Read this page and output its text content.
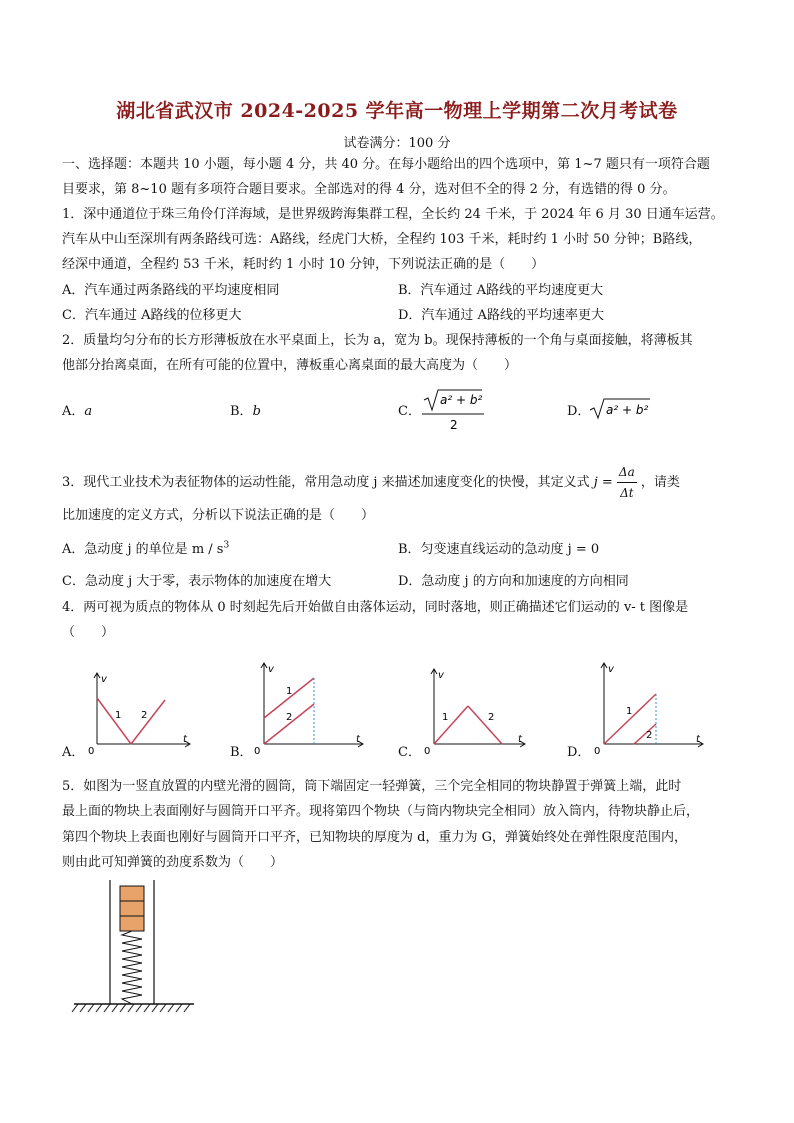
湖北省武汉市 2024-2025 学年高一物理上学期第二次月考试卷
试卷满分：100 分
一、选择题：本题共 10 小题，每小题 4 分，共 40 分。在每小题给出的四个选项中，第 1~7 题只有一项符合题
目要求，第 8~10 题有多项符合题目要求。全部选对的得 4 分，选对但不全的得 2 分，有选错的得 0 分。
1．深中通道位于珠三角伶仃洋海域，是世界级跨海集群工程，全长约 24 千米，于 2024 年 6 月 30 日通车运营。
汽车从中山至深圳有两条路线可选：A路线，经虎门大桥，全程约 103 千米，耗时约 1 小时 50 分钟；B路线，
经深中通道，全程约 53 千米，耗时约 1 小时 10 分钟，下列说法正确的是（　　）
A．汽车通过两条路线的平均速度相同	B．汽车通过 A路线的平均速度更大
C．汽车通过 A路线的位移更大	D．汽车通过 A路线的平均速率更大
2．质量均匀分布的长方形薄板放在水平桌面上，长为 a，宽为 b。现保持薄板的一个角与桌面接触，将薄板其
他部分抬离桌面，在所有可能的位置中，薄板重心离桌面的最大高度为（　　）
A．a	B．b	C．
a² + b²
2
D． a² + b²
3．现代工业技术为表征物体的运动性能，常用急动度 j 来描述加速度变化的快慢，其定义式 $j = \frac{\Delta a}{\Delta t}$ ，请类
比加速度的定义方式，分析以下说法正确的是（　　）
A．急动度 j 的单位是 m / $s^3$	B．匀变速直线运动的急动度 j = 0
C．急动度 j 大于零，表示物体的加速度在增大	D．急动度 j 的方向和加速度的方向相同
4．两可视为质点的物体从 0 时刻起先后开始做自由落体运动，同时落地，则正确描述它们运动的 v- t 图像是
（　　）
A．
v
t
0
1 2
B．
v
t
0
1
2
C．
v
t
0
1	2
D．
v
t
0
1
2
5．如图为一竖直放置的内壁光滑的圆筒，筒下端固定一轻弹簧，三个完全相同的物块静置于弹簧上端，此时
最上面的物块上表面刚好与圆筒开口平齐。现将第四个物块（与筒内物块完全相同）放入筒内，待物块静止后，
第四个物块上表面也刚好与圆筒开口平齐，已知物块的厚度为 d，重力为 G，弹簧始终处在弹性限度范围内，
则由此可知弹簧的劲度系数为（　　）
